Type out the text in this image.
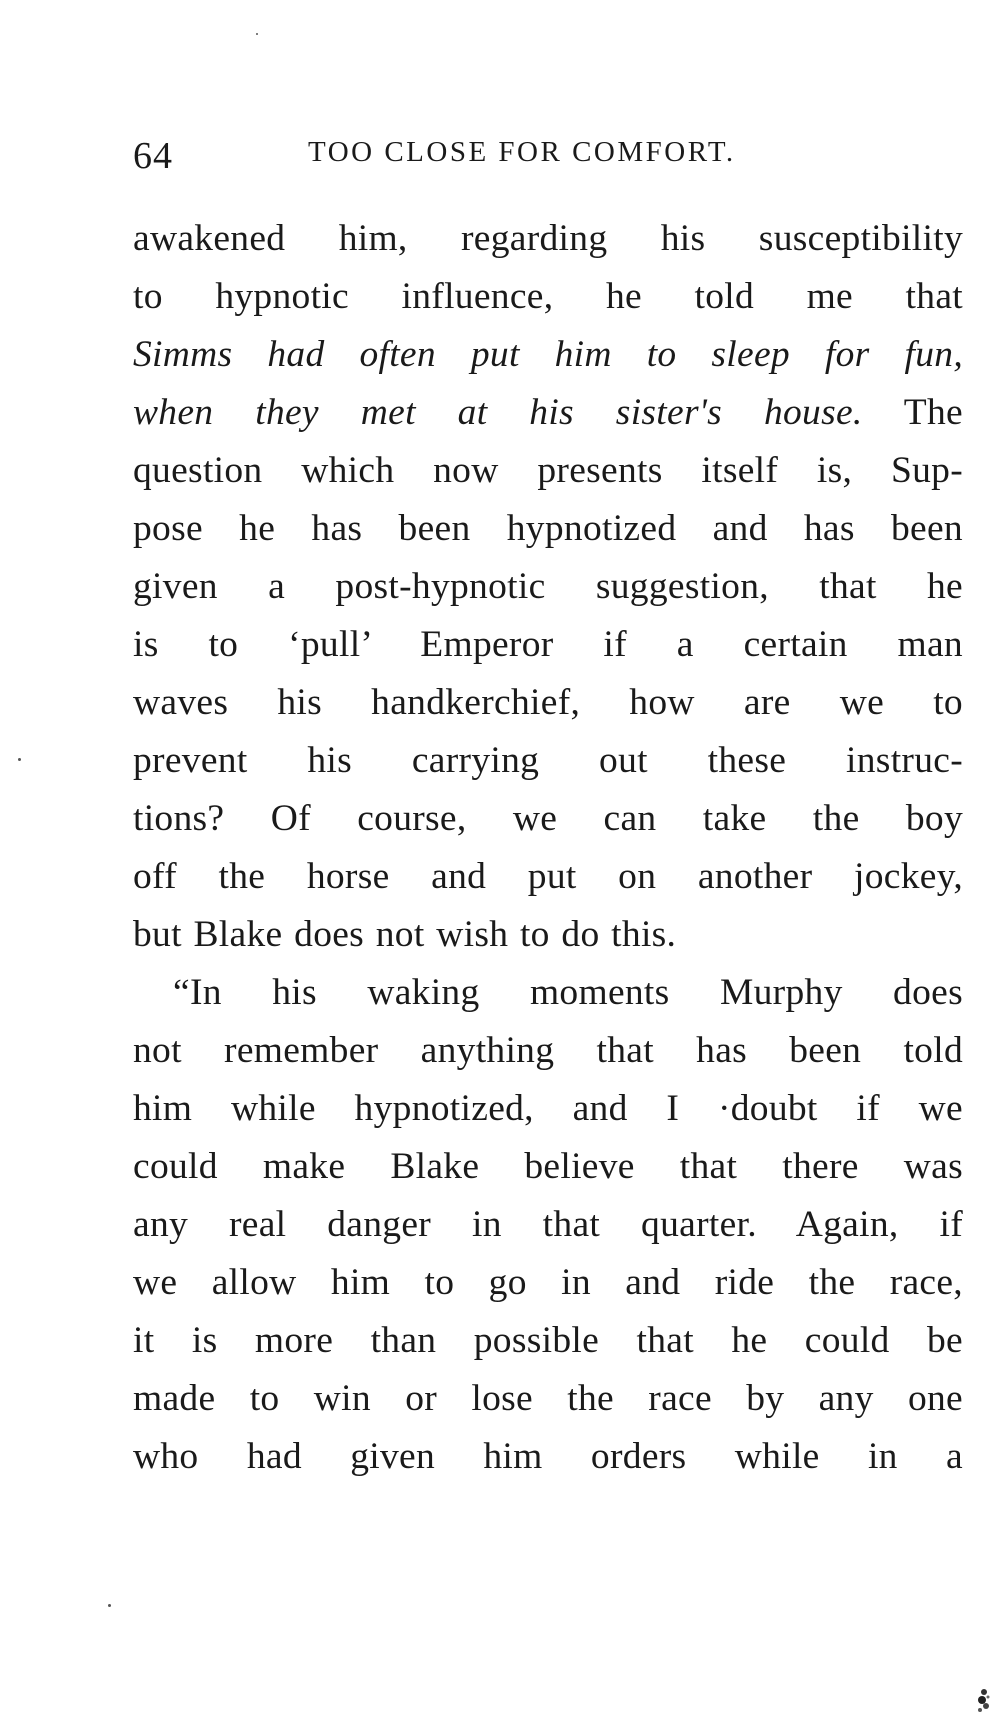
64	TOO CLOSE FOR COMFORT.
awakened him, regarding his susceptibility
to hypnotic influence, he told me that
Simms had often put him to sleep for fun,
when they met at his sister's house. The
question which now presents itself is, Sup-
pose he has been hypnotized and has been
given a post-hypnotic suggestion, that he
is to ‘pull’ Emperor if a certain man
waves his handkerchief, how are we to
prevent his carrying out these instruc-
tions? Of course, we can take the boy
off the horse and put on another jockey,
but Blake does not wish to do this.
“In his waking moments Murphy does
not remember anything that has been told
him while hypnotized, and I ·doubt if we
could make Blake believe that there was
any real danger in that quarter. Again, if
we allow him to go in and ride the race,
it is more than possible that he could be
made to win or lose the race by any one
who had given him orders while in a
